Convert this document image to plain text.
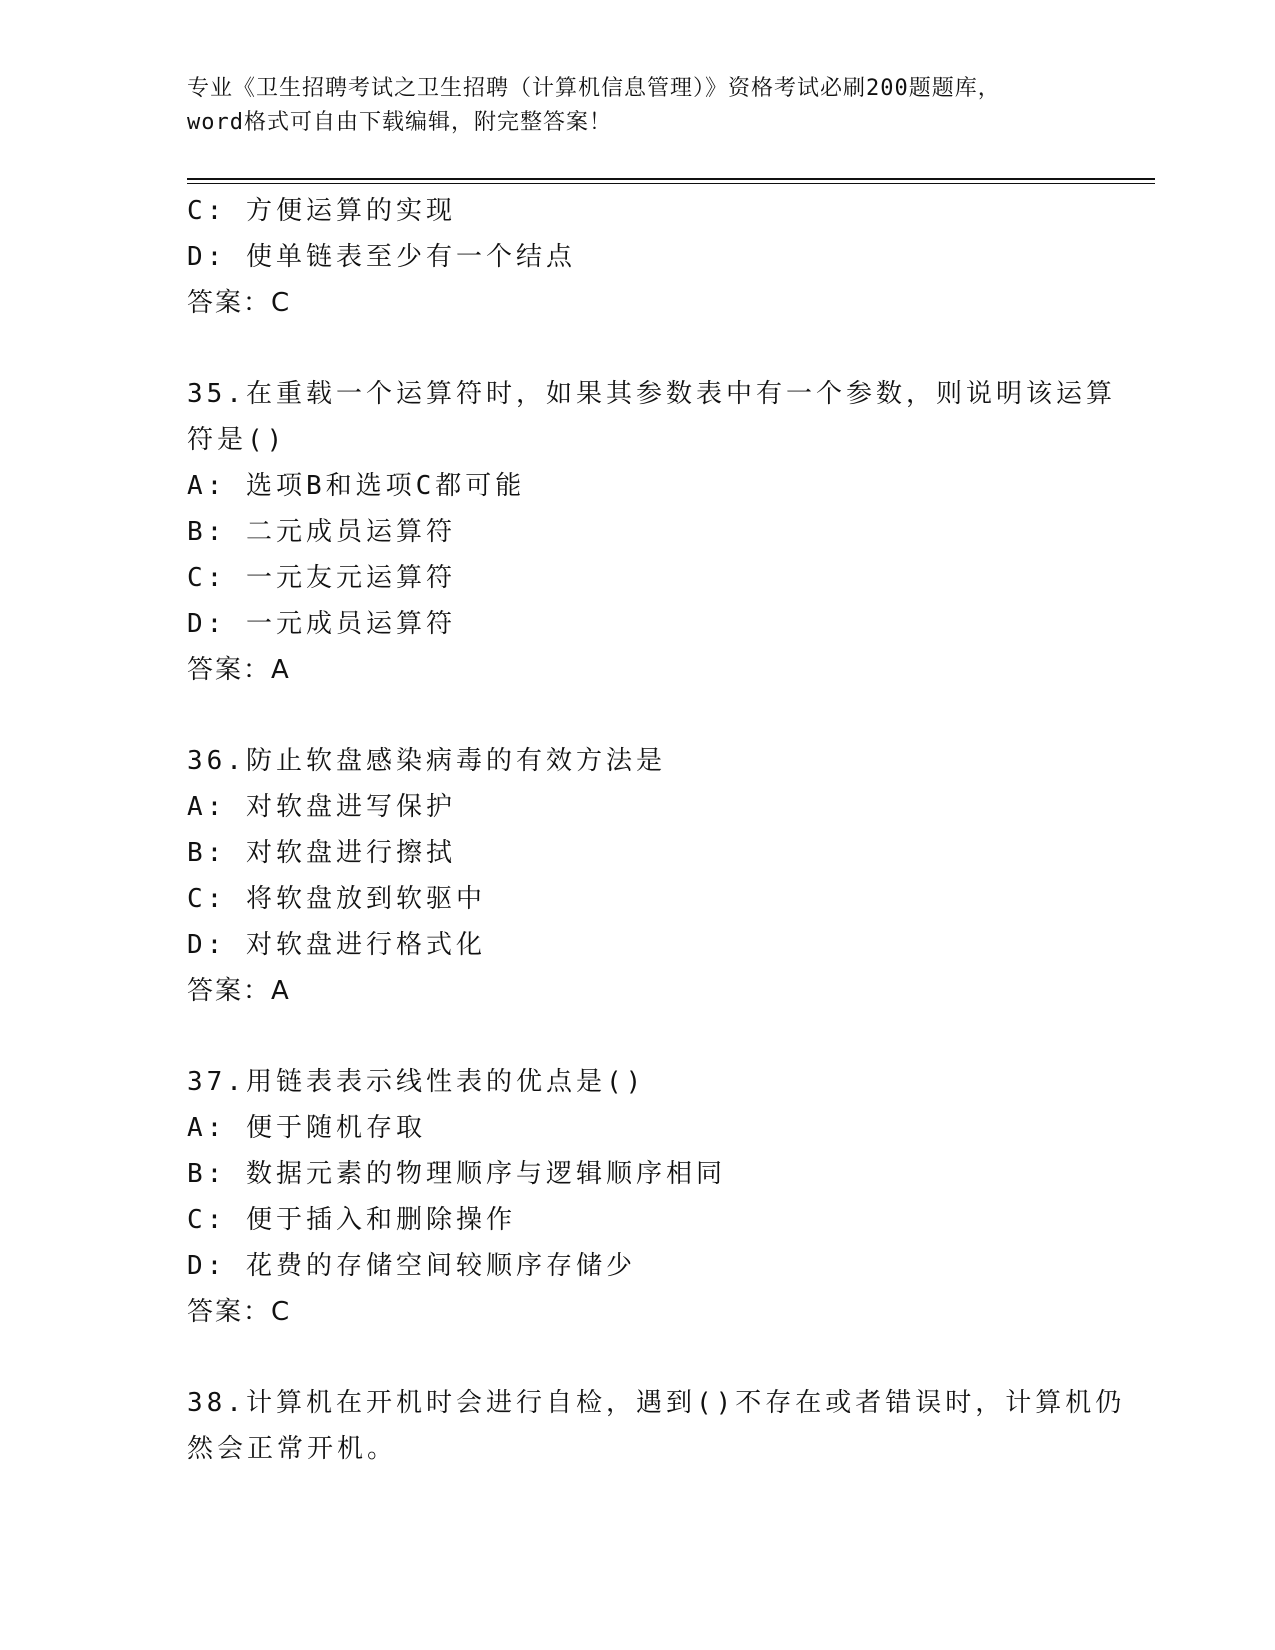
专业《卫生招聘考试之卫生招聘（计算机信息管理）》资格考试必刷200题题库，
word格式可自由下载编辑，附完整答案！
C: 方便运算的实现
D: 使单链表至少有一个结点
答案：C
35.在重载一个运算符时，如果其参数表中有一个参数，则说明该运算
符是()
A: 选项B和选项C都可能
B: 二元成员运算符
C: 一元友元运算符
D: 一元成员运算符
答案：A
36.防止软盘感染病毒的有效方法是
A: 对软盘进写保护
B: 对软盘进行擦拭
C: 将软盘放到软驱中
D: 对软盘进行格式化
答案：A
37.用链表表示线性表的优点是()
A: 便于随机存取
B: 数据元素的物理顺序与逻辑顺序相同
C: 便于插入和删除操作
D: 花费的存储空间较顺序存储少
答案：C
38.计算机在开机时会进行自检，遇到()不存在或者错误时，计算机仍
然会正常开机。
